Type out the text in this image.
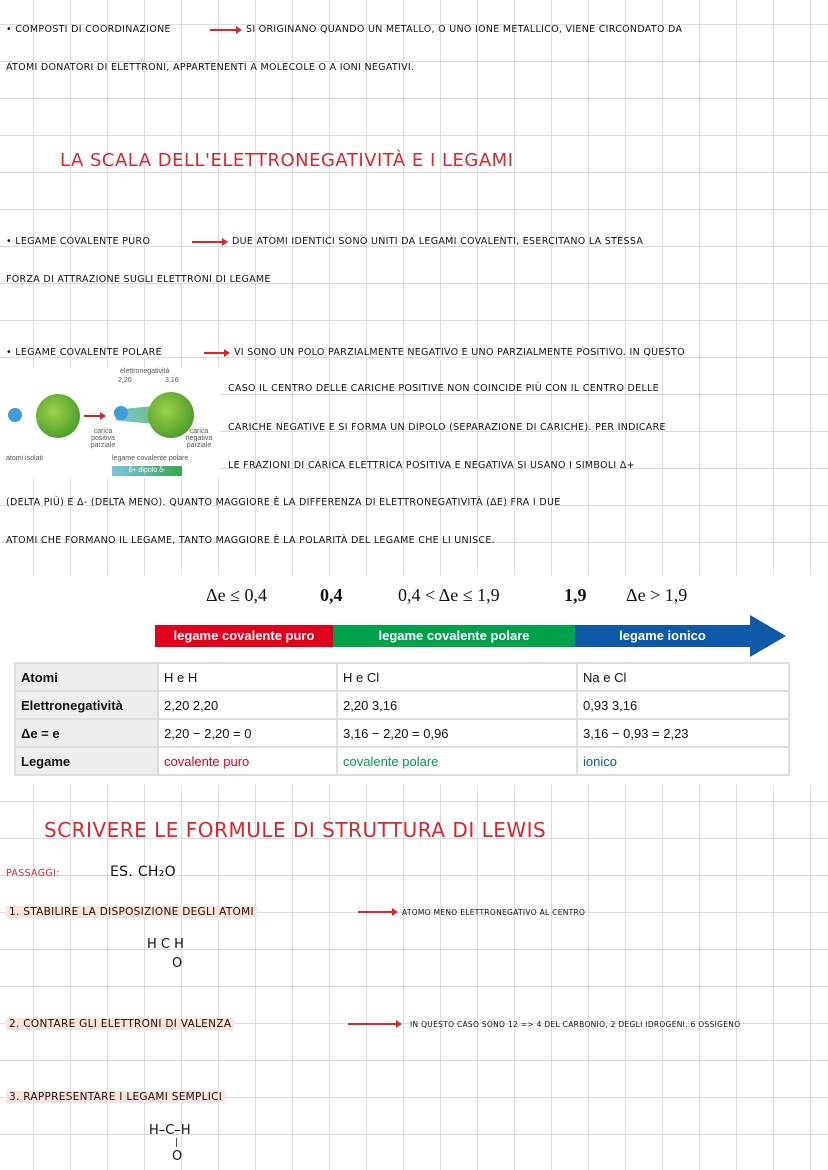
• COMPOSTI DI COORDINAZIONE	SI ORIGINANO QUANDO UN METALLO, O UNO IONE METALLICO, VIENE CIRCONDATO DA
ATOMI DONATORI DI ELETTRONI, APPARTENENTI A MOLECOLE O A IONI NEGATIVI.
LA SCALA DELL'ELETTRONEGATIVITÀ E I LEGAMI
• LEGAME COVALENTE PURO	DUE ATOMI IDENTICI SONO UNITI DA LEGAMI COVALENTI, ESERCITANO LA STESSA
FORZA DI ATTRAZIONE SUGLI ELETTRONI DI LEGAME
• LEGAME COVALENTE POLARE	VI SONO UN POLO PARZIALMENTE NEGATIVO E UNO PARZIALMENTE POSITIVO. IN QUESTO
CASO IL CENTRO DELLE CARICHE POSITIVE NON COINCIDE PIÙ CON IL CENTRO DELLE
CARICHE NEGATIVE E SI FORMA UN DIPOLO (SEPARAZIONE DI CARICHE). PER INDICARE
LE FRAZIONI DI CARICA ELETTRICA POSITIVA E NEGATIVA SI USANO I SIMBOLI Δ+
(DELTA PIÙ) E Δ- (DELTA MENO). QUANTO MAGGIORE È LA DIFFERENZA DI ELETTRONEGATIVITÀ (ΔE) FRA I DUE
ATOMI CHE FORMANO IL LEGAME, TANTO MAGGIORE È LA POLARITÀ DEL LEGAME CHE LI UNISCE.
elettronegatività
2,20	3,16
carica positiva parziale
carica negativa parziale
atomi isolati	legame covalente polare
δ+ dipolo δ-
Δe ≤ 0,4	0,4	0,4 < Δe ≤ 1,9	1,9 Δe > 1,9
legame covalente puro	legame covalente polare	legame ionico
Atomi	H e H	H e Cl	Na e Cl
Elettronegatività	2,20 2,20	2,20 3,16	0,93 3,16
Δe = e	2,20 − 2,20 = 0	3,16 − 2,20 = 0,96	3,16 − 0,93 = 2,23
Legame	covalente puro	covalente polare	ionico
SCRIVERE LE FORMULE DI STRUTTURA DI LEWIS
PASSAGGI:	ES. CH₂O
1. STABILIRE LA DISPOSIZIONE DEGLI ATOMI	ATOMO MENO ELETTRONEGATIVO AL CENTRO
H C H
O
2. CONTARE GLI ELETTRONI DI VALENZA	IN QUESTO CASO SONO 12 => 4 DEL CARBONIO, 2 DEGLI IDROGENI, 6 OSSIGENO
3. RAPPRESENTARE I LEGAMI SEMPLICI
H–C–H
|
O
